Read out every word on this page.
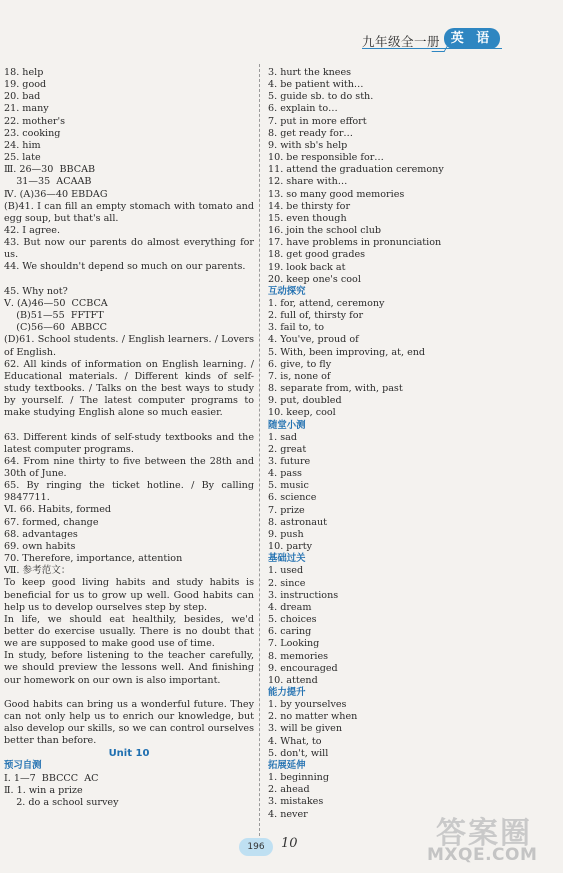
九年级全一册 英 语
18. help
19. good
20. bad
21. many
22. mother's
23. cooking
24. him
25. late
Ⅲ. 26—30  BBCAB
31—35  ACAAB
Ⅳ. (A)36—40 EBDAG
(B)41. I can fill an empty stomach with tomato and egg soup, but that's all.
42. I agree.
43. But now our parents do almost everything for us.
44. We shouldn't depend so much on our parents.
45. Why not?
Ⅴ. (A)46—50  CCBCA
(B)51—55  FFTFT
(C)56—60  ABBCC
(D)61. School students. / English learners. / Lovers of English.
62. All kinds of information on English learning. / Educational materials. / Different kinds of self-study textbooks. / Talks on the best ways to study by yourself. / The latest computer programs to make studying English alone so much easier.
63. Different kinds of self-study textbooks and the latest computer programs.
64. From nine thirty to five between the 28th and 30th of June.
65. By ringing the ticket hotline. / By calling 9847711.
Ⅵ. 66. Habits, formed
67. formed, change
68. advantages
69. own habits
70. Therefore, importance, attention
Ⅶ. 参考范文：
To keep good living habits and study habits is beneficial for us to grow up well. Good habits can help us to develop ourselves step by step.
In life, we should eat healthily, besides, we'd better do exercise usually. There is no doubt that we are supposed to make good use of time.
In study, before listening to the teacher carefully, we should preview the lessons well. And finishing our homework on our own is also important.
Good habits can bring us a wonderful future. They can not only help us to enrich our knowledge, but also develop our skills, so we can control ourselves better than before.
Unit 10
预习自测
Ⅰ. 1—7  BBCCC  AC
Ⅱ. 1. win a prize
2. do a school survey
3. hurt the knees
4. be patient with…
5. guide sb. to do sth.
6. explain to…
7. put in more effort
8. get ready for…
9. with sb's help
10. be responsible for…
11. attend the graduation ceremony
12. share with…
13. so many good memories
14. be thirsty for
15. even though
16. join the school club
17. have problems in pronunciation
18. get good grades
19. look back at
20. keep one's cool
互动探究
1. for, attend, ceremony
2. full of, thirsty for
3. fail to, to
4. You've, proud of
5. With, been improving, at, end
6. give, to fly
7. is, none of
8. separate from, with, past
9. put, doubled
10. keep, cool
随堂小测
1. sad
2. great
3. future
4. pass
5. music
6. science
7. prize
8. astronaut
9. push
10. party
基础过关
1. used
2. since
3. instructions
4. dream
5. choices
6. caring
7. Looking
8. memories
9. encouraged
10. attend
能力提升
1. by yourselves
2. no matter when
3. will be given
4. What, to
5. don't, will
拓展延伸
1. beginning
2. ahead
3. mistakes
4. never
196	10	答案圈
MXQE.COM
